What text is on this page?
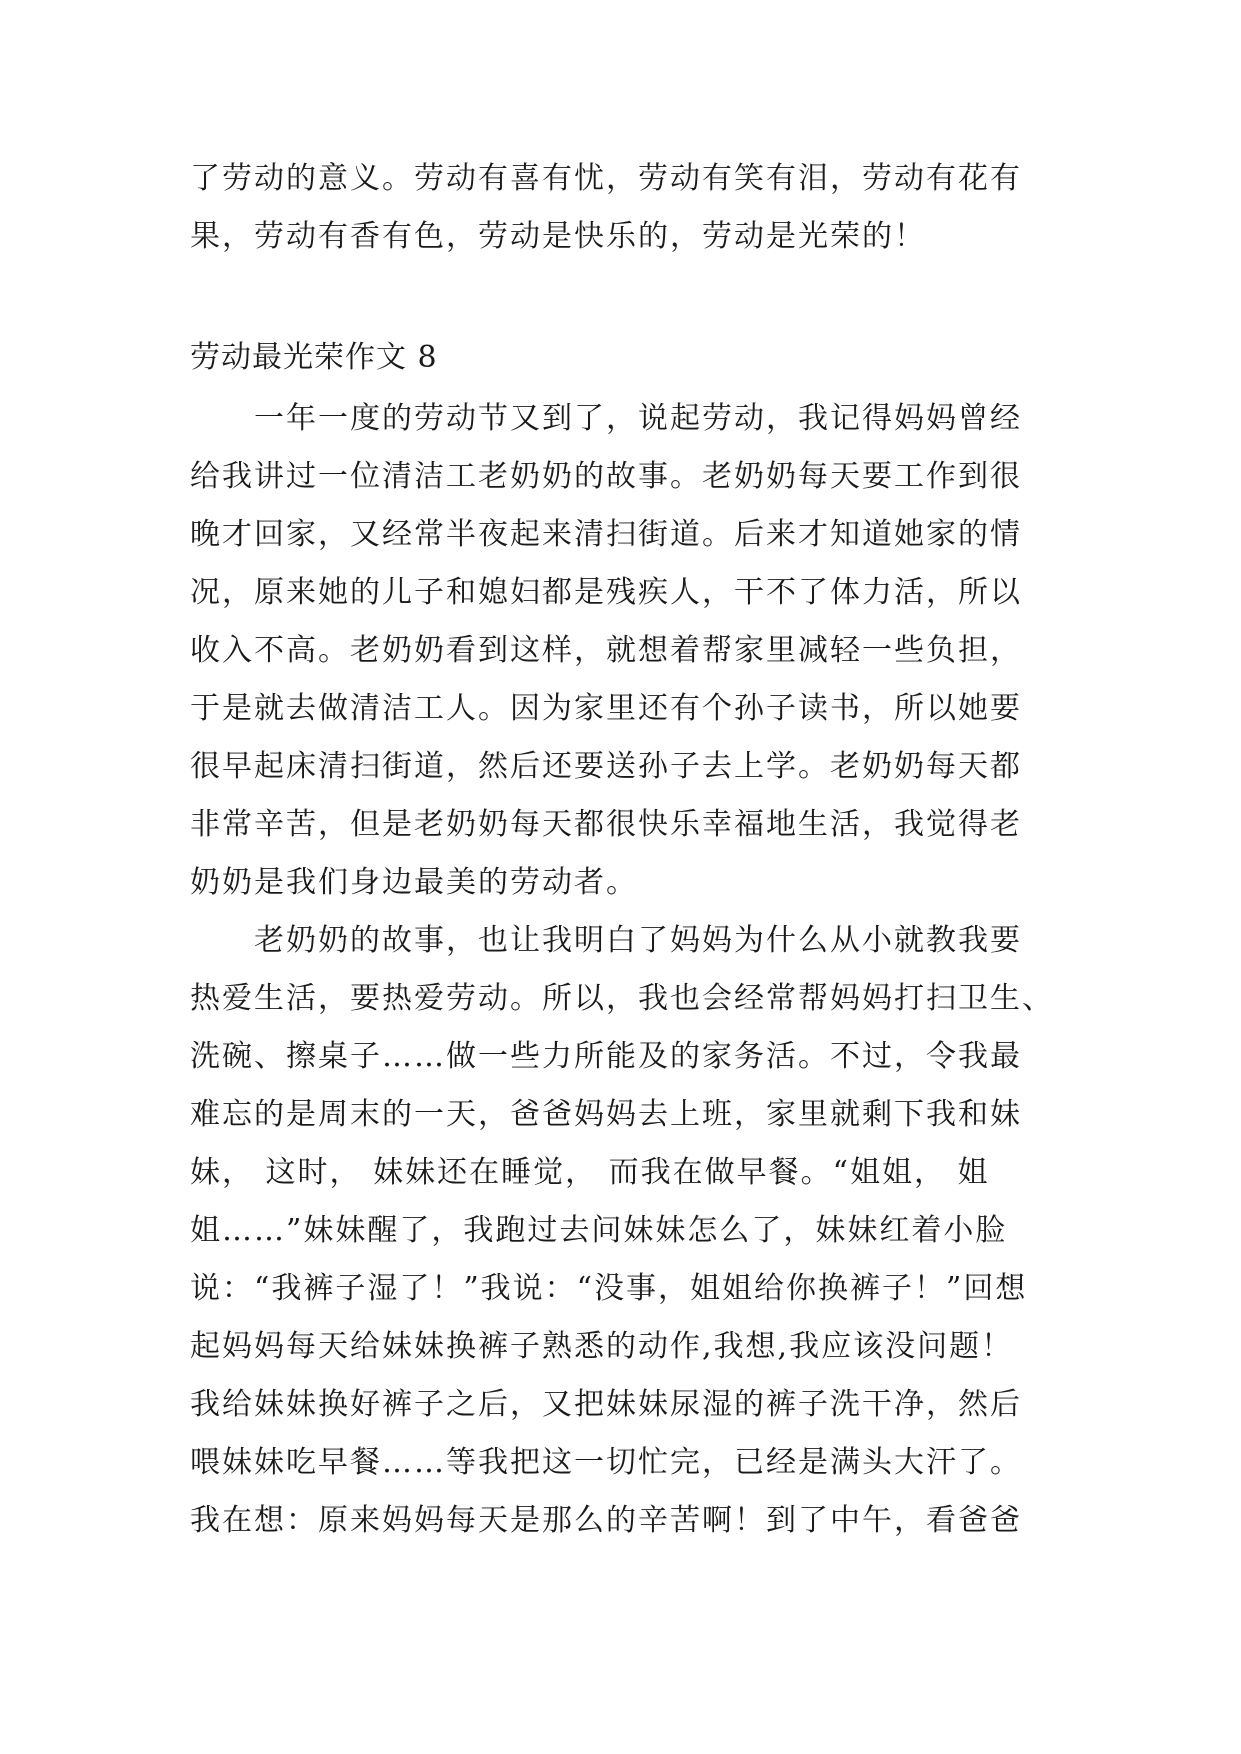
了劳动的意义。劳动有喜有忧，劳动有笑有泪，劳动有花有
果，劳动有香有色，劳动是快乐的，劳动是光荣的！
劳动最光荣作文 8
一年一度的劳动节又到了，说起劳动，我记得妈妈曾经
给我讲过一位清洁工老奶奶的故事。老奶奶每天要工作到很
晚才回家，又经常半夜起来清扫街道。后来才知道她家的情
况，原来她的儿子和媳妇都是残疾人，干不了体力活，所以
收入不高。老奶奶看到这样，就想着帮家里减轻一些负担，
于是就去做清洁工人。因为家里还有个孙子读书，所以她要
很早起床清扫街道，然后还要送孙子去上学。老奶奶每天都
非常辛苦，但是老奶奶每天都很快乐幸福地生活，我觉得老
奶奶是我们身边最美的劳动者。
老奶奶的故事，也让我明白了妈妈为什么从小就教我要
热爱生活，要热爱劳动。所以，我也会经常帮妈妈打扫卫生、
洗碗、擦桌子……做一些力所能及的家务活。不过，令我最
难忘的是周末的一天，爸爸妈妈去上班，家里就剩下我和妹
妹， 这时， 妹妹还在睡觉， 而我在做早餐。“姐姐， 姐
姐……”妹妹醒了，我跑过去问妹妹怎么了，妹妹红着小脸
说：“我裤子湿了！”我说：“没事，姐姐给你换裤子！”回想
起妈妈每天给妹妹换裤子熟悉的动作,我想,我应该没问题！
我给妹妹换好裤子之后，又把妹妹尿湿的裤子洗干净，然后
喂妹妹吃早餐……等我把这一切忙完，已经是满头大汗了。
我在想：原来妈妈每天是那么的辛苦啊！到了中午，看爸爸
